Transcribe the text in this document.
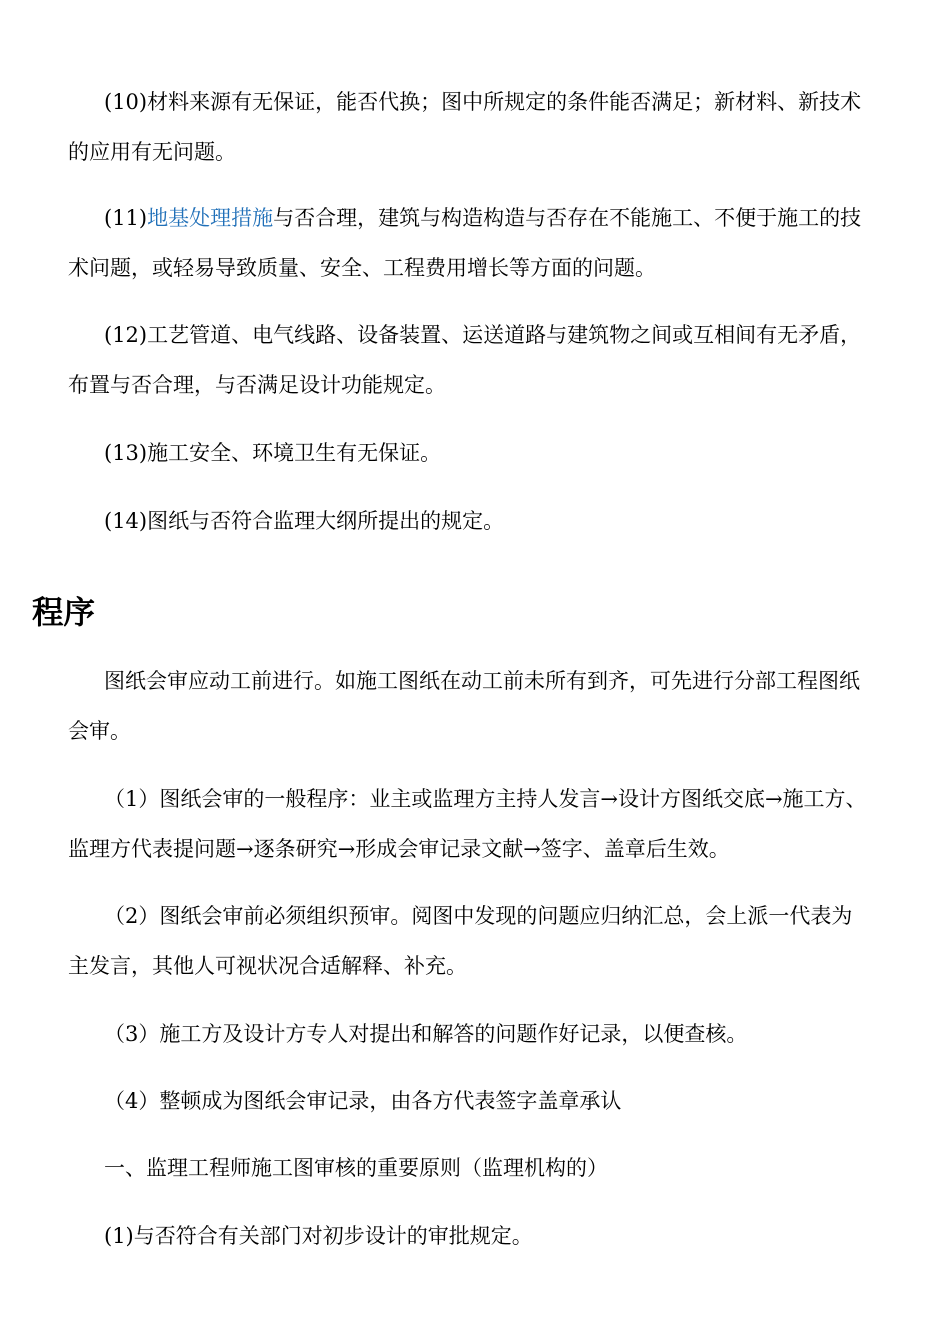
(10)材料来源有无保证，能否代换；图中所规定的条件能否满足；新材料、新技术的应用有无问题。

(11)地基处理措施与否合理，建筑与构造构造与否存在不能施工、不便于施工的技术问题，或轻易导致质量、安全、工程费用增长等方面的问题。

(12)工艺管道、电气线路、设备装置、运送道路与建筑物之间或互相间有无矛盾，布置与否合理，与否满足设计功能规定。

(13)施工安全、环境卫生有无保证。

(14)图纸与否符合监理大纲所提出的规定。

程序

图纸会审应动工前进行。如施工图纸在动工前未所有到齐，可先进行分部工程图纸会审。

（1）图纸会审的一般程序：业主或监理方主持人发言→设计方图纸交底→施工方、监理方代表提问题→逐条研究→形成会审记录文献→签字、盖章后生效。

（2）图纸会审前必须组织预审。阅图中发现的问题应归纳汇总，会上派一代表为主发言，其他人可视状况合适解释、补充。

（3）施工方及设计方专人对提出和解答的问题作好记录，以便查核。

（4）整顿成为图纸会审记录，由各方代表签字盖章承认

一、监理工程师施工图审核的重要原则（监理机构的）

(1)与否符合有关部门对初步设计的审批规定。
